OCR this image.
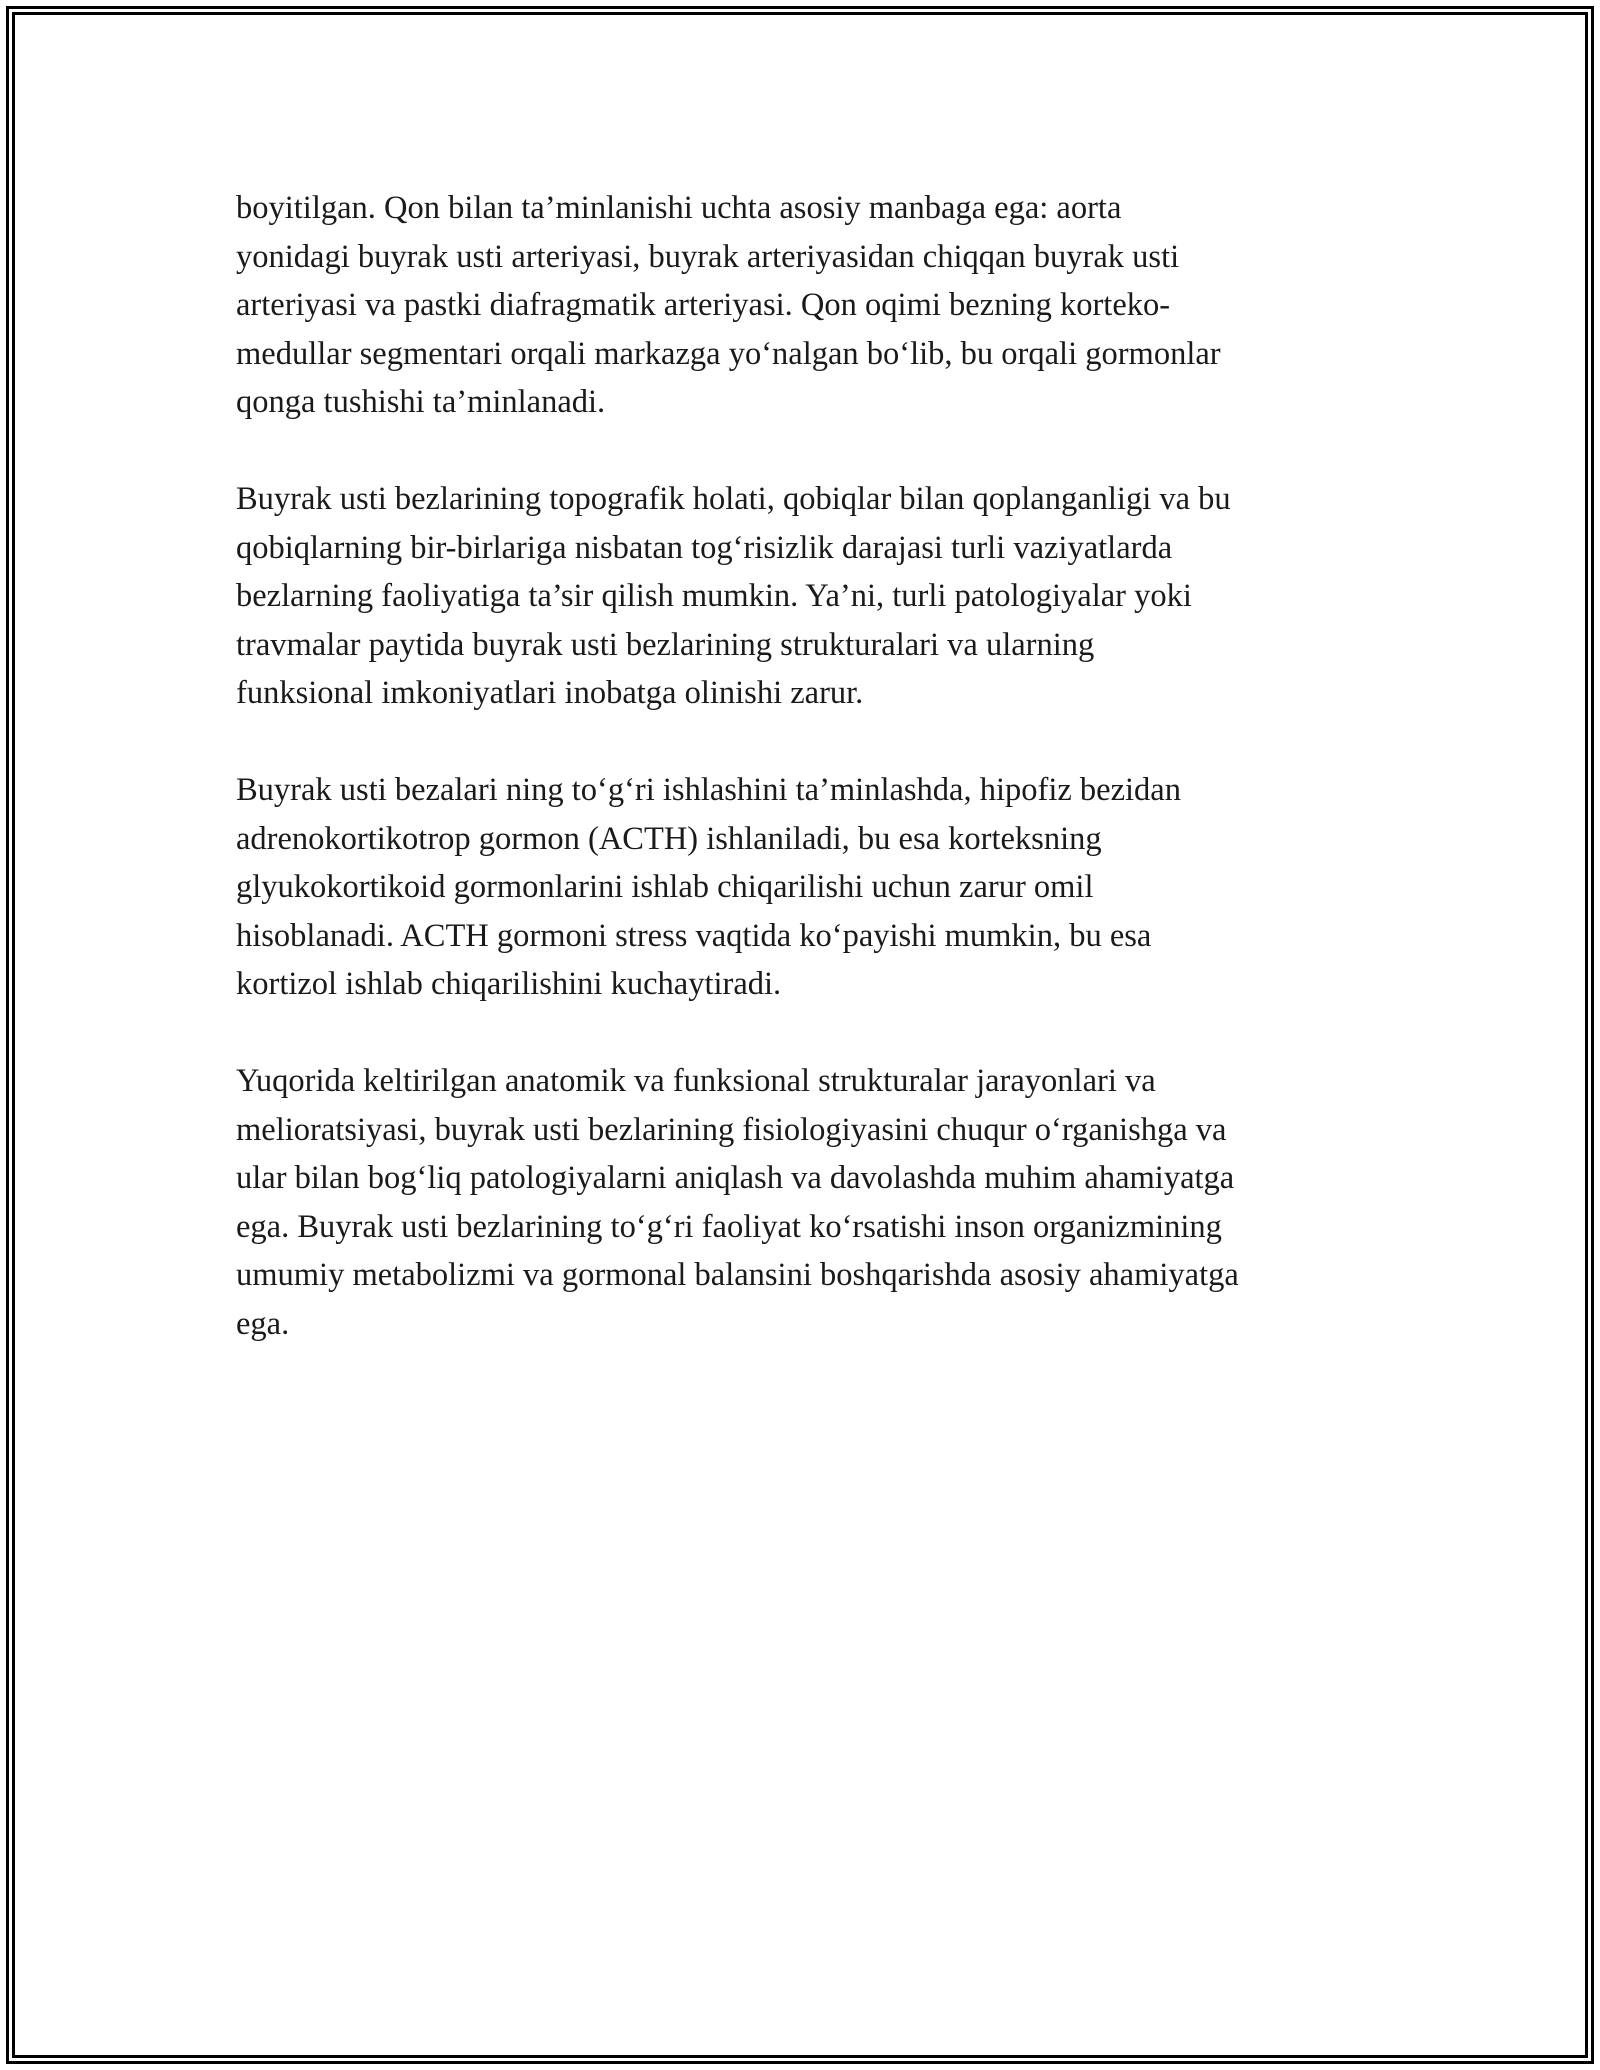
boyitilgan. Qon bilan ta’minlanishi uchta asosiy manbaga ega: aorta
yonidagi buyrak usti arteriyasi, buyrak arteriyasidan chiqqan buyrak usti
arteriyasi va pastki diafragmatik arteriyasi. Qon oqimi bezning korteko-
medullar segmentari orqali markazga yo‘nalgan bo‘lib, bu orqali gormonlar
qonga tushishi ta’minlanadi.

Buyrak usti bezlarining topografik holati, qobiqlar bilan qoplanganligi va bu
qobiqlarning bir-birlariga nisbatan tog‘risizlik darajasi turli vaziyatlarda
bezlarning faoliyatiga ta’sir qilish mumkin. Ya’ni, turli patologiyalar yoki
travmalar paytida buyrak usti bezlarining strukturalari va ularning
funksional imkoniyatlari inobatga olinishi zarur.

Buyrak usti bezalari ning to‘g‘ri ishlashini ta’minlashda, hipofiz bezidan
adrenokortikotrop gormon (ACTH) ishlaniladi, bu esa korteksning
glyukokortikoid gormonlarini ishlab chiqarilishi uchun zarur omil
hisoblanadi. ACTH gormoni stress vaqtida ko‘payishi mumkin, bu esa
kortizol ishlab chiqarilishini kuchaytiradi.

Yuqorida keltirilgan anatomik va funksional strukturalar jarayonlari va
melioratsiyasi, buyrak usti bezlarining fisiologiyasini chuqur o‘rganishga va
ular bilan bog‘liq patologiyalarni aniqlash va davolashda muhim ahamiyatga
ega. Buyrak usti bezlarining to‘g‘ri faoliyat ko‘rsatishi inson organizmining
umumiy metabolizmi va gormonal balansini boshqarishda asosiy ahamiyatga
ega.
